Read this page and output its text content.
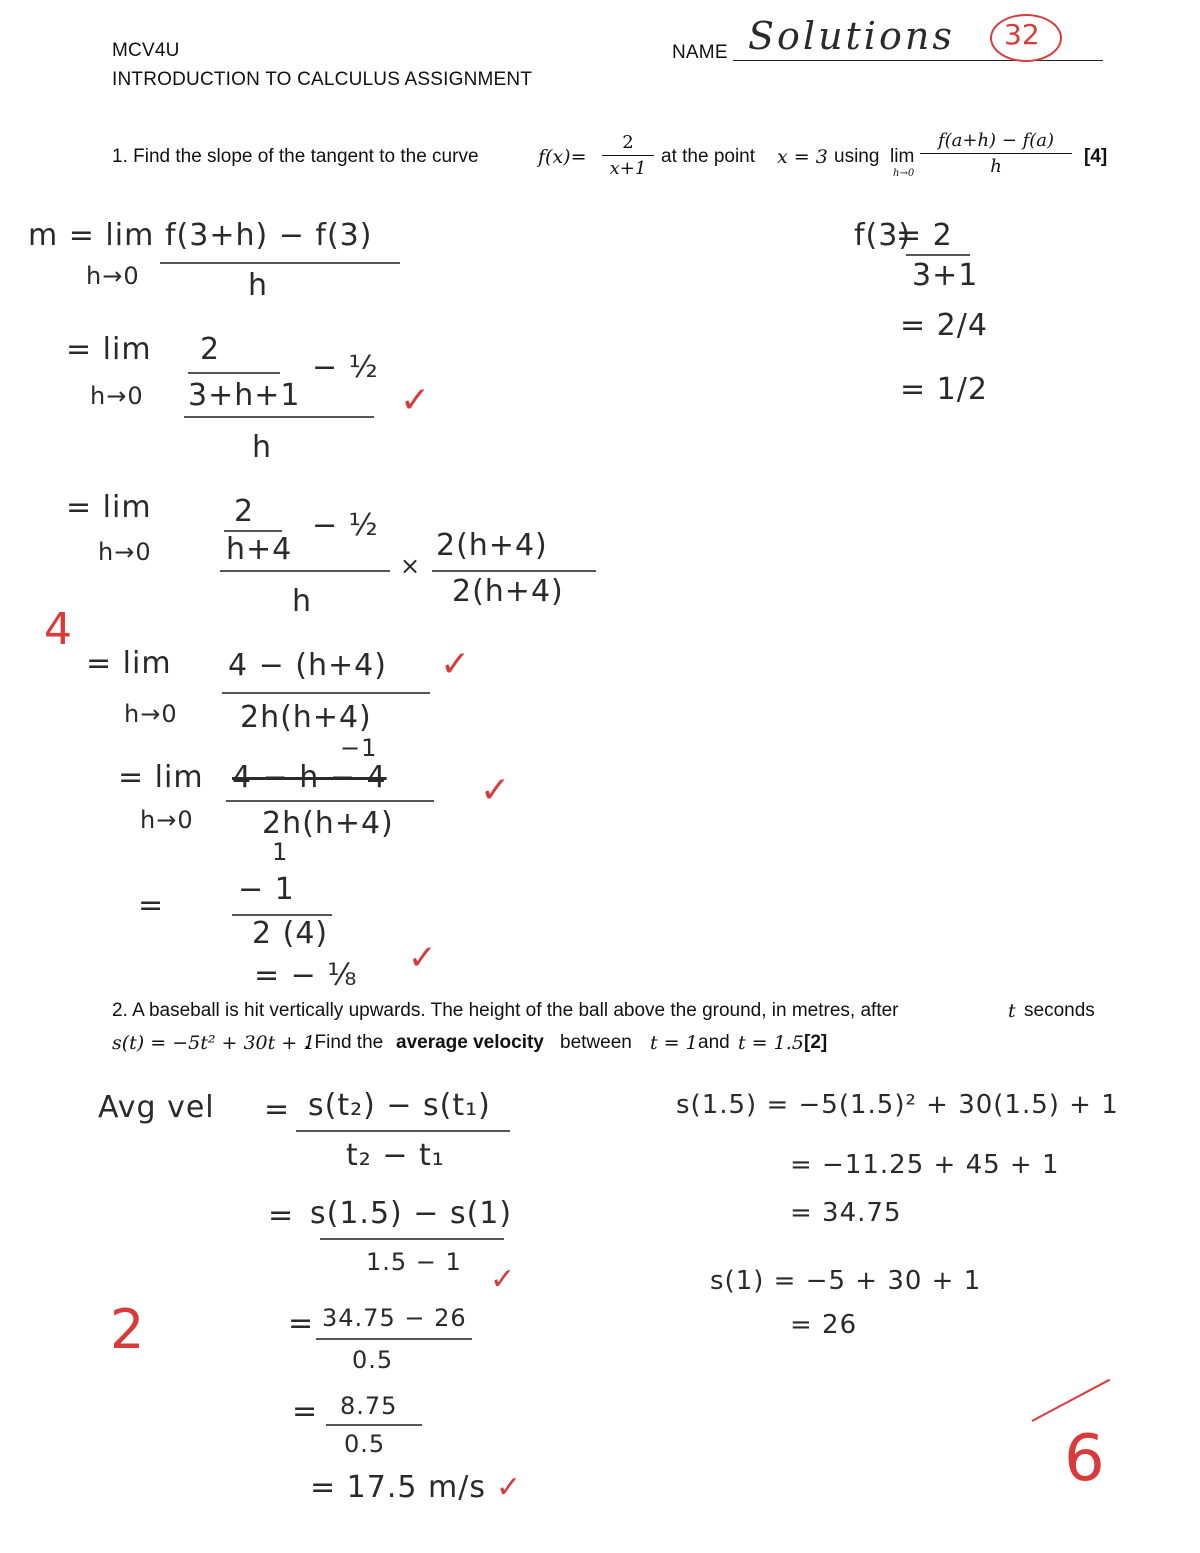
MCV4U
INTRODUCTION TO CALCULUS ASSIGNMENT
NAME Solutions 32
1. Find the slope of the tangent to the curve	f(x)=
2
x+1
at the point x = 3 using lim
h→0
f(a+h) − f(a)
h	[4]
m = lim
h→0
f(3+h) − f(3)
h
f(3)
= 2
3+1
= 2/4
= 1/2
= lim
h→0
2
3+h+1
− ½
h
✓
= lim
h→0
2
h+4
− ½
h
×
2(h+4)
2(h+4)
4
= lim
h→0
4 − (h+4)
2h(h+4)
✓
−1
= lim
h→0
4 − h − 4
2h(h+4)
1
✓
= − 1
2 (4)
= − ⅛ ✓
2. A baseball is hit vertically upwards. The height of the ball above the ground, in metres, after	t seconds
s(t) = −5t² + 30t + 1
. Find the average velocity between t = 1 and t = 1.5 [2]
Avg vel = s(t₂) − s(t₁)
t₂ − t₁
= s(1.5) − s(1)
1.5 − 1 ✓
2	= 34.75 − 26
0.5
= 8.75
0.5
= 17.5 m/s ✓
s(1.5) = −5(1.5)² + 30(1.5) + 1
= −11.25 + 45 + 1
= 34.75
s(1) = −5 + 30 + 1
= 26
6
